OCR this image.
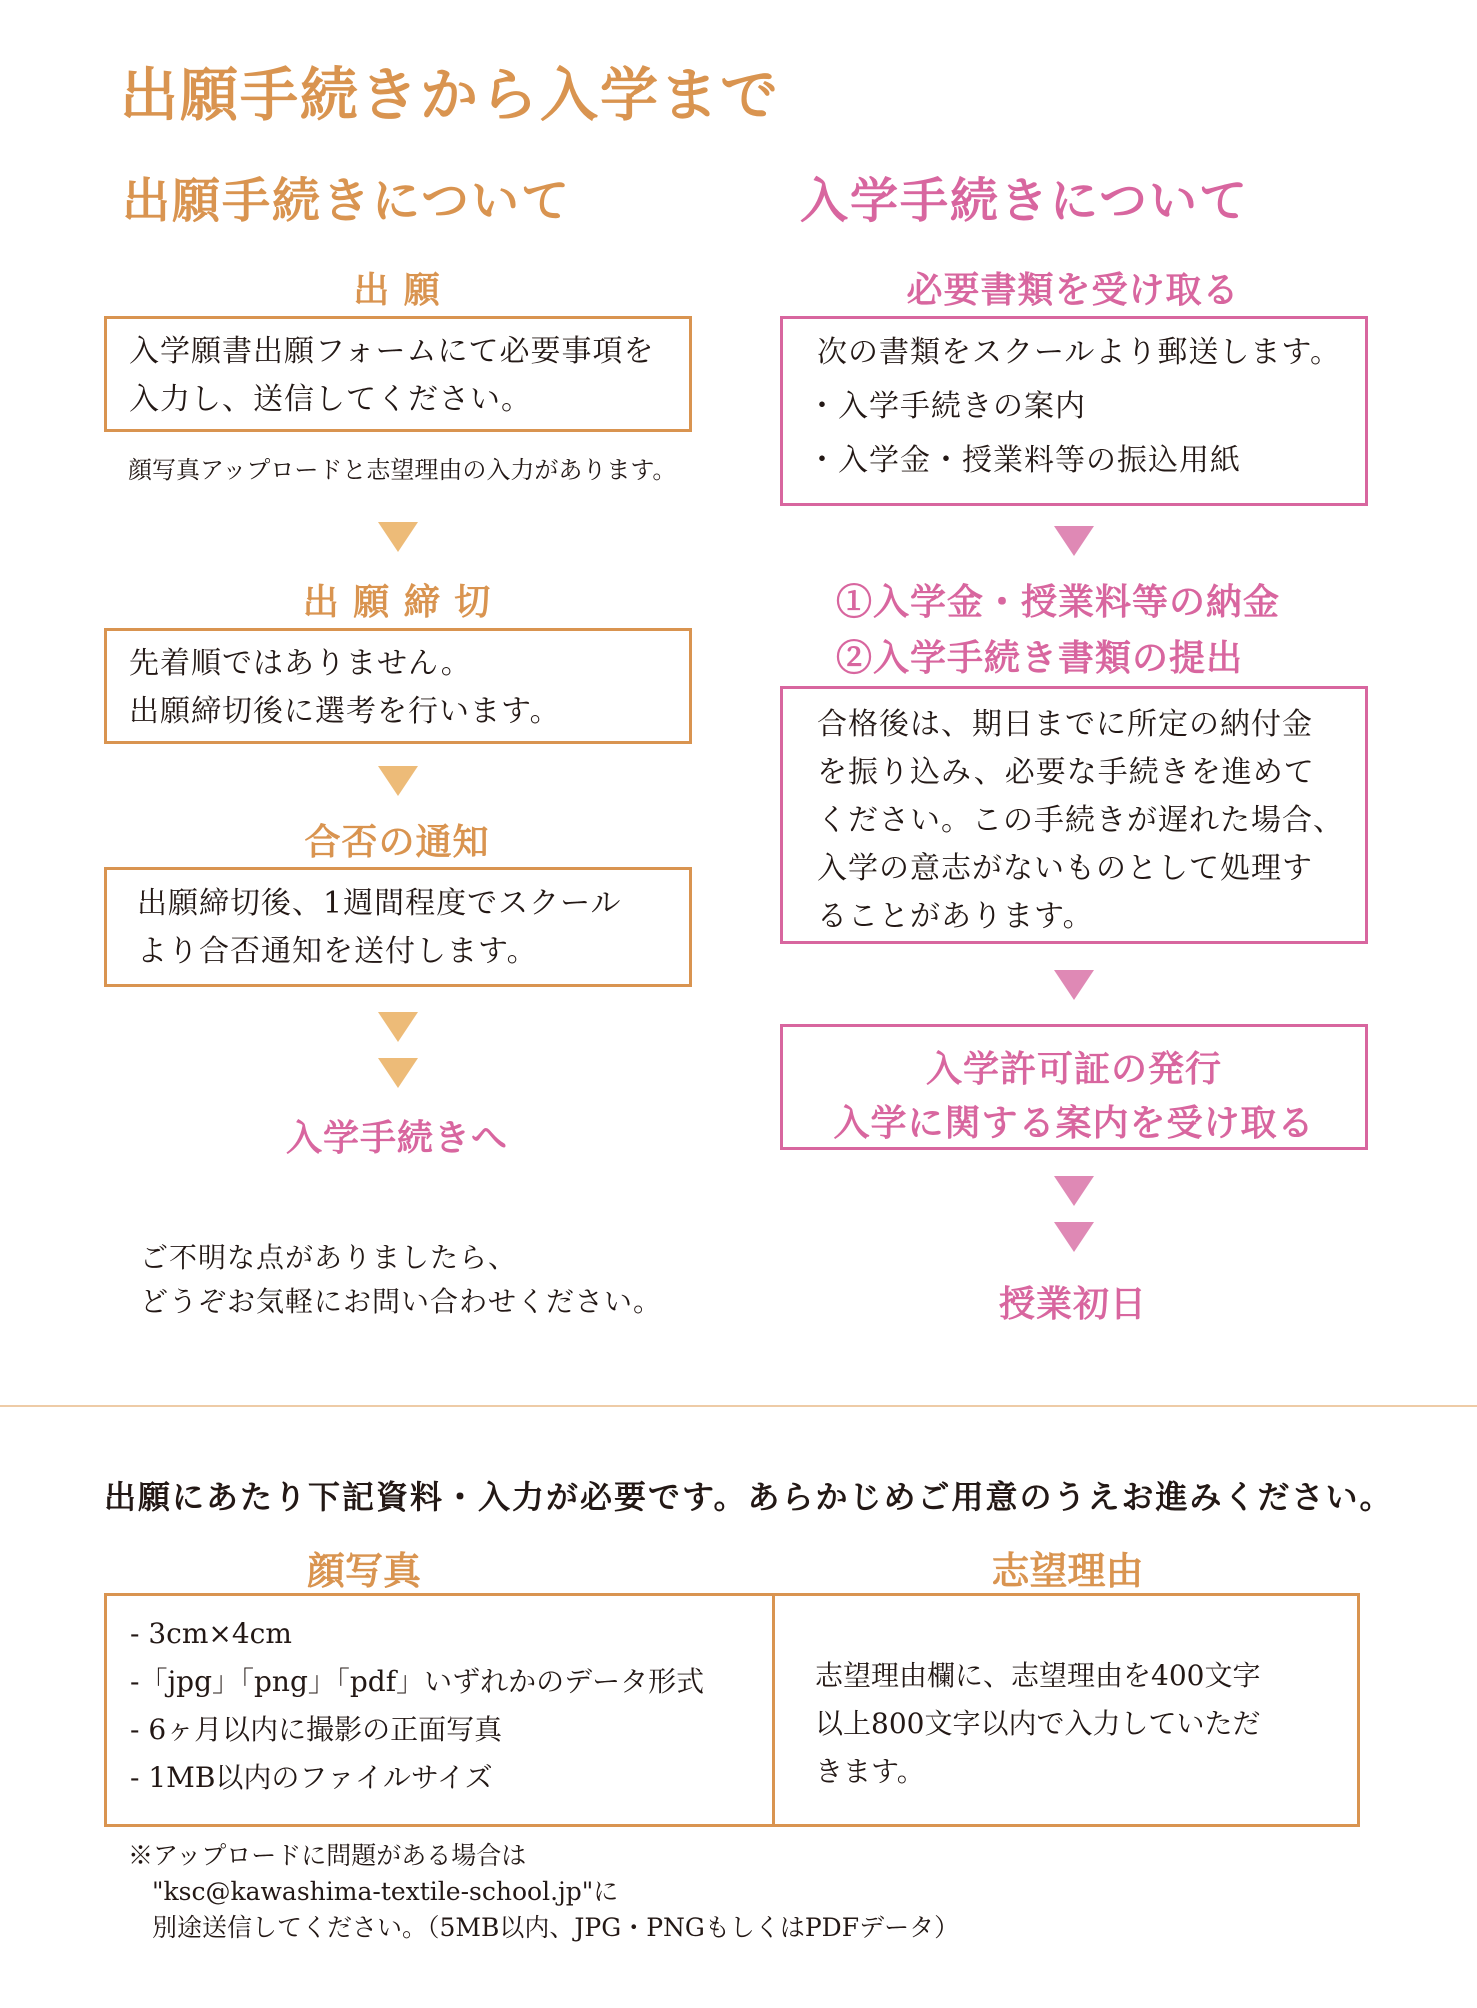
出願手続きから入学まで
出願手続きについて	入学手続きについて
出 願
入学願書出願フォームにて必要事項を
入力し、送信してください。
顔写真アップロードと志望理由の入力があります。
出 願 締 切
先着順ではありません。
出願締切後に選考を行います。
合否の通知
出願締切後、1週間程度でスクール
より合否通知を送付します。
入学手続きへ
ご不明な点がありましたら、
どうぞお気軽にお問い合わせください。
必要書類を受け取る
次の書類をスクールより郵送します。
・入学手続きの案内
・入学金・授業料等の振込用紙
①入学金・授業料等の納金
②入学手続き書類の提出
合格後は、期日までに所定の納付金
を振り込み、必要な手続きを進めて
ください。この手続きが遅れた場合、
入学の意志がないものとして処理す
ることがあります。
入学許可証の発行
入学に関する案内を受け取る
授業初日
出願にあたり下記資料・入力が必要です。あらかじめご用意のうえお進みください。
顔写真	志望理由
- 3cm×4cm
-「jpg」「png」「pdf」いずれかのデータ形式
- 6ヶ月以内に撮影の正面写真
- 1MB以内のファイルサイズ
志望理由欄に、志望理由を400文字
以上800文字以内で入力していただ
きます。
※アップロードに問題がある場合は
"ksc@kawashima-textile-school.jp"に
別途送信してください。（5MB以内、JPG・PNGもしくはPDFデータ）
